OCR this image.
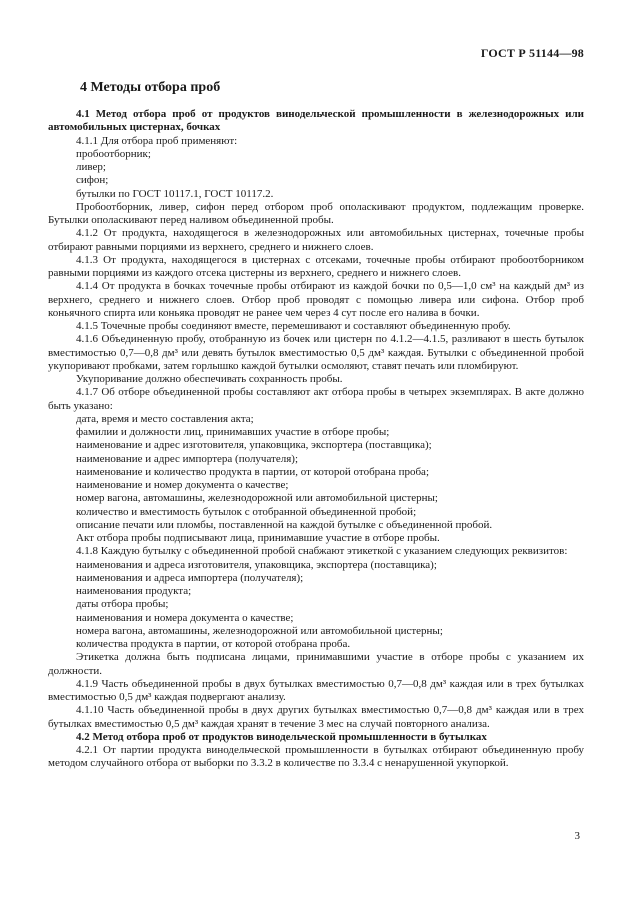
ГОСТ Р 51144—98
4 Методы отбора проб

4.1 Метод отбора проб от продуктов винодельческой промышленности в железнодорожных или автомобильных цистернах, бочках

4.1.1 Для отбора проб применяют:

пробоотборник;

ливер;

сифон;

бутылки по ГОСТ 10117.1, ГОСТ 10117.2.

Пробоотборник, ливер, сифон перед отбором проб ополаскивают продуктом, подлежащим проверке. Бутылки ополаскивают перед наливом объединенной пробы.

4.1.2 От продукта, находящегося в железнодорожных или автомобильных цистернах, точечные пробы отбирают равными порциями из верхнего, среднего и нижнего слоев.

4.1.3 От продукта, находящегося в цистернах с отсеками, точечные пробы отбирают пробоотборником равными порциями из каждого отсека цистерны из верхнего, среднего и нижнего слоев.

4.1.4 От продукта в бочках точечные пробы отбирают из каждой бочки по 0,5—1,0 см³ на каждый дм³ из верхнего, среднего и нижнего слоев. Отбор проб проводят с помощью ливера или сифона. Отбор проб коньячного спирта или коньяка проводят не ранее чем через 4 сут после его налива в бочки.

4.1.5 Точечные пробы соединяют вместе, перемешивают и составляют объединенную пробу.

4.1.6 Объединенную пробу, отобранную из бочек или цистерн по 4.1.2—4.1.5, разливают в шесть бутылок вместимостью 0,7—0,8 дм³ или девять бутылок вместимостью 0,5 дм³ каждая. Бутылки с объединенной пробой укупоривают пробками, затем горлышко каждой бутылки осмоляют, ставят печать или пломбируют.

Укупоривание должно обеспечивать сохранность пробы.

4.1.7 Об отборе объединенной пробы составляют акт отбора пробы в четырех экземплярах. В акте должно быть указано:

дата, время и место составления акта;

фамилии и должности лиц, принимавших участие в отборе пробы;

наименование и адрес изготовителя, упаковщика, экспортера (поставщика);

наименование и адрес импортера (получателя);

наименование и количество продукта в партии, от которой отобрана проба;

наименование и номер документа о качестве;

номер вагона, автомашины, железнодорожной или автомобильной цистерны;

количество и вместимость бутылок с отобранной объединенной пробой;

описание печати или пломбы, поставленной на каждой бутылке с объединенной пробой.

Акт отбора пробы подписывают лица, принимавшие участие в отборе пробы.

4.1.8 Каждую бутылку с объединенной пробой снабжают этикеткой с указанием следующих реквизитов:

наименования и адреса изготовителя, упаковщика, экспортера (поставщика);

наименования и адреса импортера (получателя);

наименования продукта;

даты отбора пробы;

наименования и номера документа о качестве;

номера вагона, автомашины, железнодорожной или автомобильной цистерны;

количества продукта в партии, от которой отобрана проба.

Этикетка должна быть подписана лицами, принимавшими участие в отборе пробы с указанием их должности.

4.1.9 Часть объединенной пробы в двух бутылках вместимостью 0,7—0,8 дм³ каждая или в трех бутылках вместимостью 0,5 дм³ каждая подвергают анализу.

4.1.10 Часть объединенной пробы в двух других бутылках вместимостью 0,7—0,8 дм³ каждая или в трех бутылках вместимостью 0,5 дм³ каждая хранят в течение 3 мес на случай повторного анализа.

4.2 Метод отбора проб от продуктов винодельческой промышленности в бутылках

4.2.1 От партии продукта винодельческой промышленности в бутылках отбирают объединенную пробу методом случайного отбора от выборки по 3.3.2 в количестве по 3.3.4 с ненарушенной укупоркой.

3
